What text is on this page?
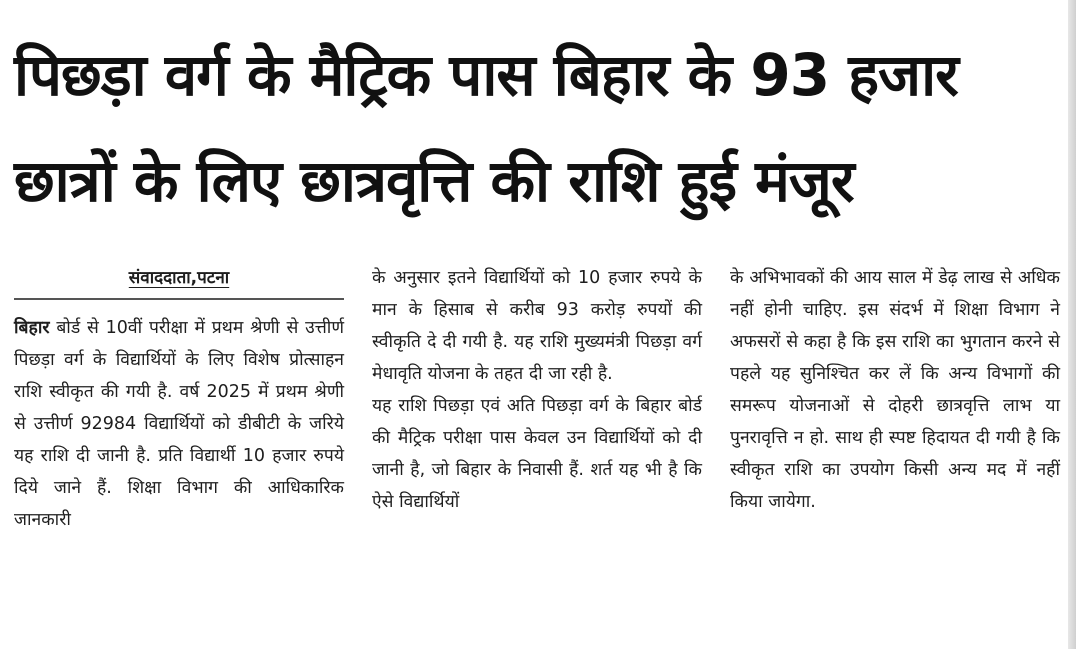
पिछड़ा वर्ग के मैट्रिक पास बिहार के 93 हजार
छात्रों के लिए छात्रवृत्ति की राशि हुई मंजूर
संवाददाता,पटना

बिहार बोर्ड से 10वीं परीक्षा में प्रथम श्रेणी से उत्तीर्ण पिछड़ा वर्ग के विद्यार्थियों के लिए विशेष प्रोत्साहन राशि स्वीकृत की गयी है. वर्ष 2025 में प्रथम श्रेणी से उत्तीर्ण 92984 विद्यार्थियों को डीबीटी के जरिये यह राशि दी जानी है. प्रति विद्यार्थी 10 हजार रुपये दिये जाने हैं. शिक्षा विभाग की आधिकारिक जानकारी

के अनुसार इतने विद्यार्थियों को 10 हजार रुपये के मान के हिसाब से करीब 93 करोड़ रुपयों की स्वीकृति दे दी गयी है. यह राशि मुख्यमंत्री पिछड़ा वर्ग मेधावृति योजना के तहत दी जा रही है.

यह राशि पिछड़ा एवं अति पिछड़ा वर्ग के बिहार बोर्ड की मैट्रिक परीक्षा पास केवल उन विद्यार्थियों को दी जानी है, जो बिहार के निवासी हैं. शर्त यह भी है कि ऐसे विद्यार्थियों

के अभिभावकों की आय साल में डेढ़ लाख से अधिक नहीं होनी चाहिए. इस संदर्भ में शिक्षा विभाग ने अफसरों से कहा है कि इस राशि का भुगतान करने से पहले यह सुनिश्चित कर लें कि अन्य विभागों की समरूप योजनाओं से दोहरी छात्रवृत्ति लाभ या पुनरावृत्ति न हो. साथ ही स्पष्ट हिदायत दी गयी है कि स्वीकृत राशि का उपयोग किसी अन्य मद में नहीं किया जायेगा.
